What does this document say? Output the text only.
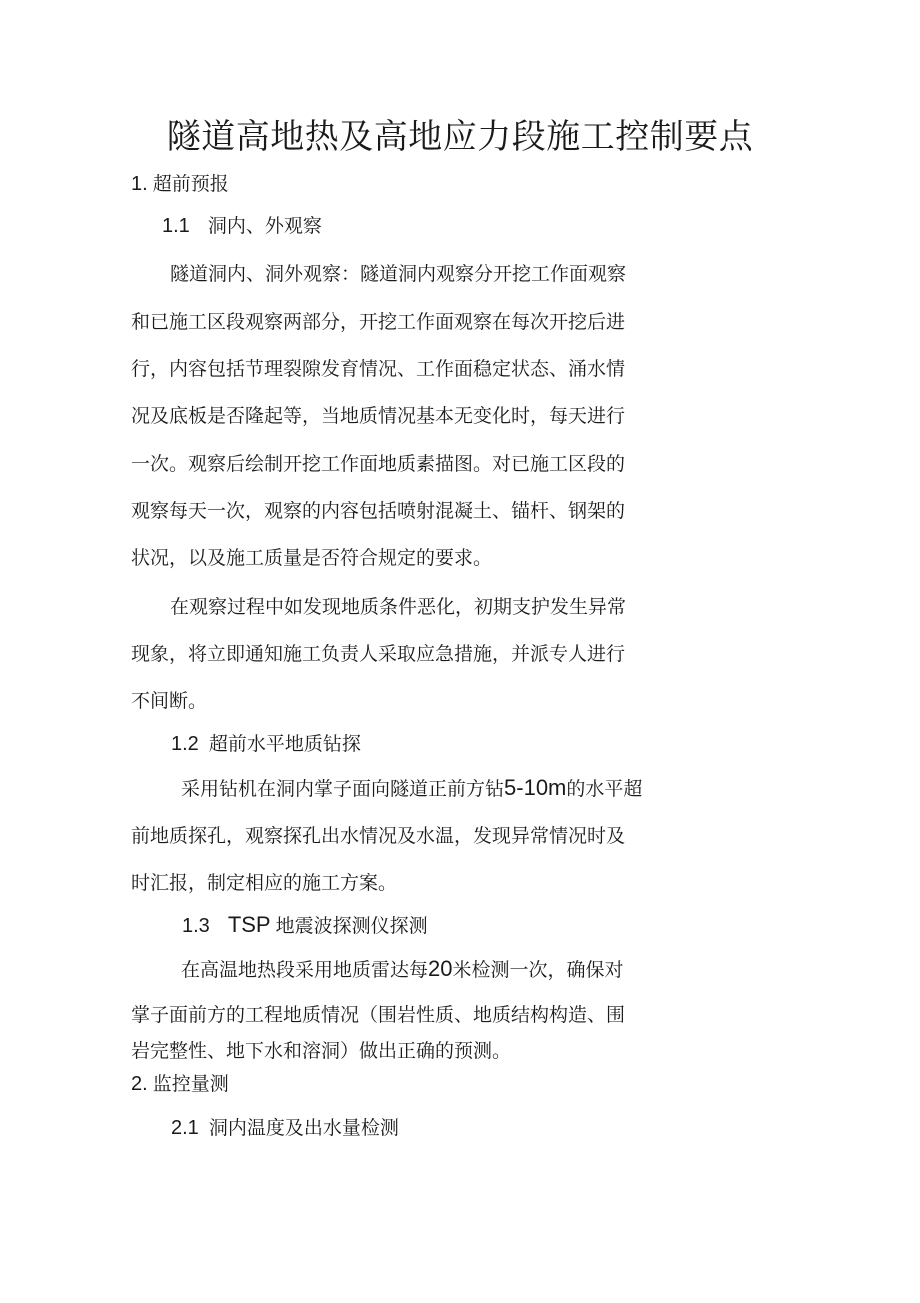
隧道高地热及高地应力段施工控制要点

1. 超前预报

1.1 洞内、外观察

隧道洞内、洞外观察：隧道洞内观察分开挖工作面观察

和已施工区段观察两部分，开挖工作面观察在每次开挖后进

行，内容包括节理裂隙发育情况、工作面稳定状态、涌水情

况及底板是否隆起等，当地质情况基本无变化时，每天进行

一次。观察后绘制开挖工作面地质素描图。对已施工区段的

观察每天一次，观察的内容包括喷射混凝土、锚杆、钢架的

状况，以及施工质量是否符合规定的要求。

在观察过程中如发现地质条件恶化，初期支护发生异常

现象，将立即通知施工负责人采取应急措施，并派专人进行

不间断。

1.2 超前水平地质钻探

采用钻机在洞内掌子面向隧道正前方钻5-10m的水平超

前地质探孔，观察探孔出水情况及水温，发现异常情况时及

时汇报，制定相应的施工方案。

1.3 TSP 地震波探测仪探测

在高温地热段采用地质雷达每20米检测一次，确保对

掌子面前方的工程地质情况（围岩性质、地质结构构造、围

岩完整性、地下水和溶洞）做出正确的预测。

2. 监控量测

2.1 洞内温度及出水量检测
